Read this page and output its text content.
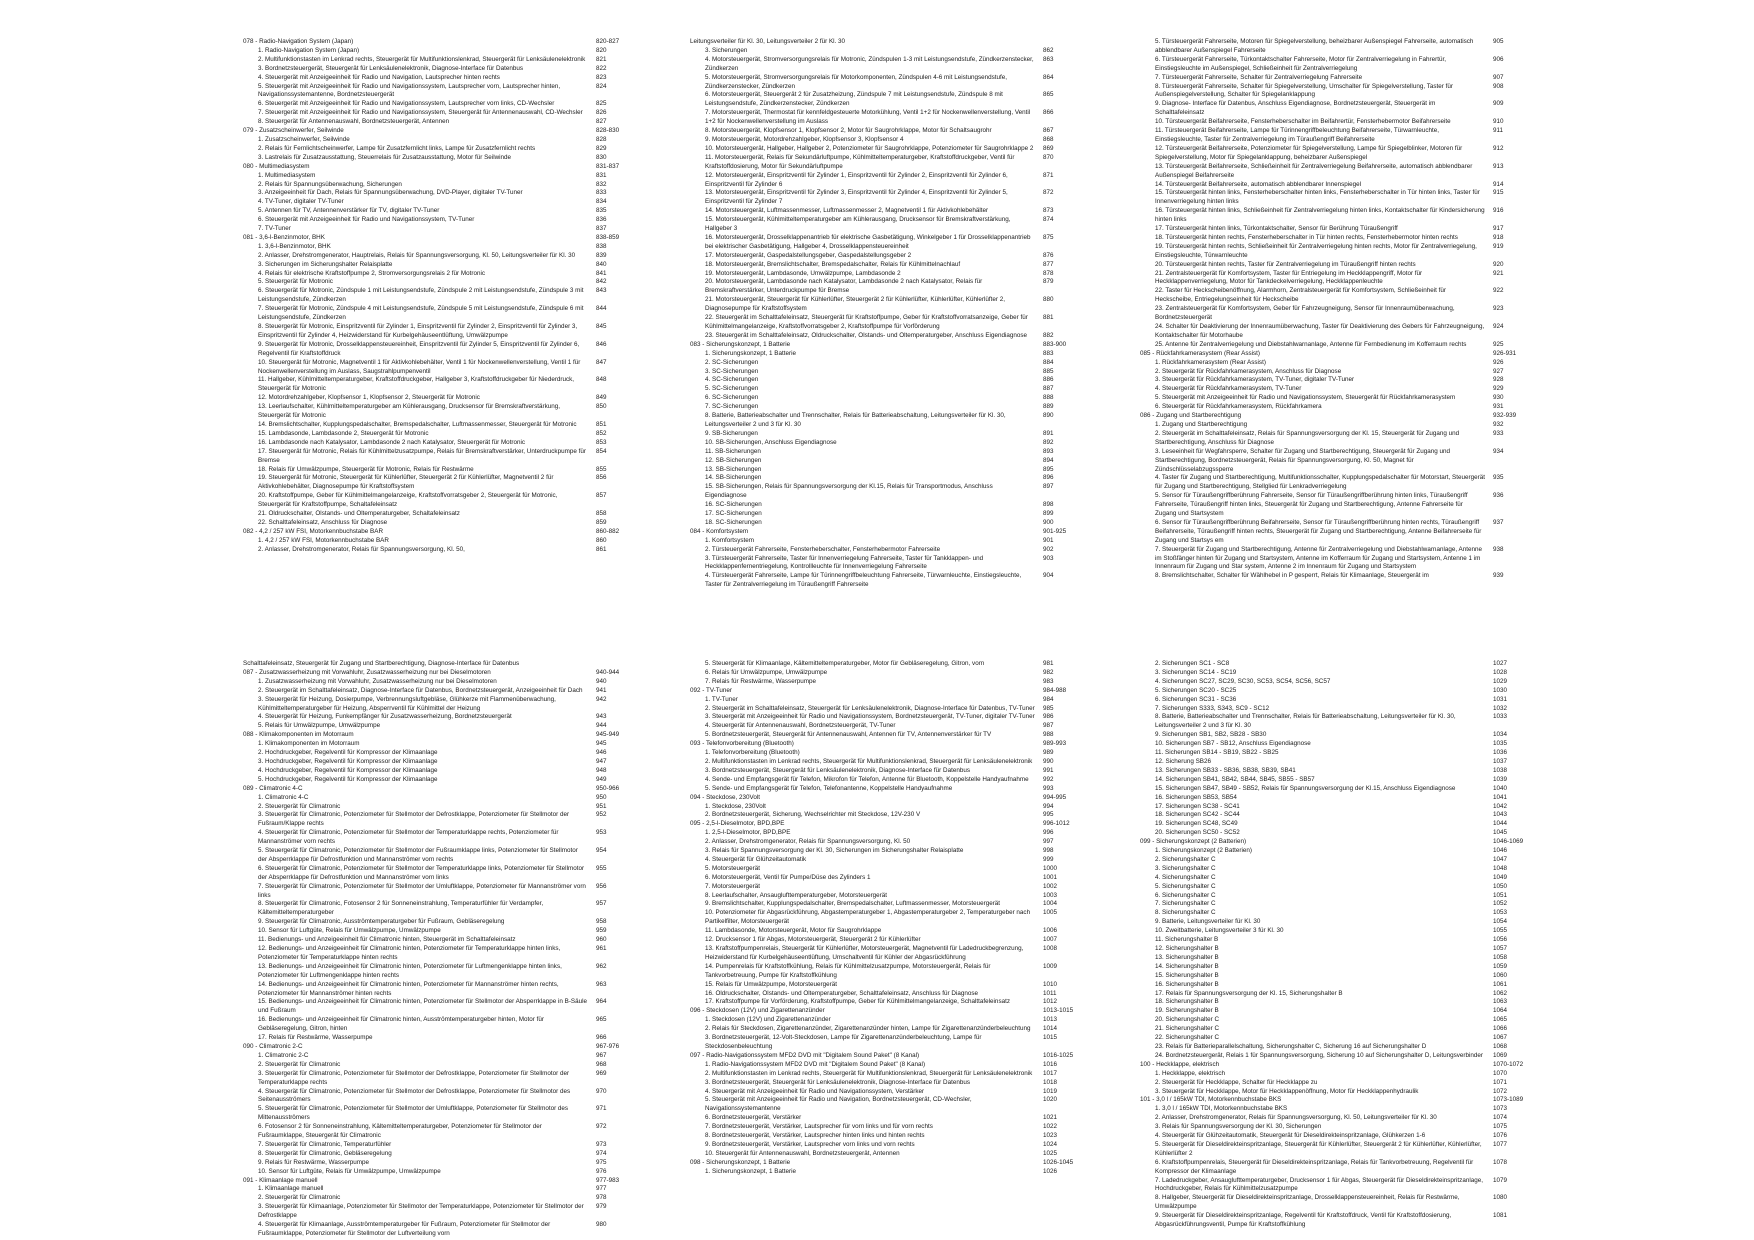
078 - Radio-Navigation System (Japan)	820-827
1. Radio-Navigation System (Japan)	820
2. Multifunktionstasten im Lenkrad rechts, Steuergerät für Multifunktionslenkrad, Steuergerät für Lenksäulenelektronik	821
3. Bordnetzsteuergerät, Steuergerät für Lenksäulenelektronik, Diagnose-Interface für Datenbus	822
4. Steuergerät mit Anzeigeeinheit für Radio und Navigation, Lautsprecher hinten rechts	823
5. Steuergerät mit Anzeigeeinheit für Radio und Navigationssystem, Lautsprecher vorn, Lautsprecher hinten, Navigationssystemantenne, Bordnetzsteuergerät
824
6. Steuergerät mit Anzeigeeinheit für Radio und Navigationssystem, Lautsprecher vorn links, CD-Wechsler	825
7. Steuergerät mit Anzeigeeinheit für Radio und Navigationssystem, Steuergerät für Antennenauswahl, CD-Wechsler	826
8. Steuergerät für Antennenauswahl, Bordnetzsteuergerät, Antennen	827
079 - Zusatzscheinwerfer, Seilwinde	828-830
1. Zusatzscheinwerfer, Seilwinde	828
2. Relais für Fernlichtscheinwerfer, Lampe für Zusatzfernlicht links, Lampe für Zusatzfernlicht rechts	829
3. Lastrelais für Zusatzausstattung, Steuerrelais für Zusatzausstattung, Motor für Seilwinde	830
080 - Multimediasystem	831-837
1. Multimediasystem	831
2. Relais für Spannungsüberwachung, Sicherungen	832
3. Anzeigeeinheit für Dach, Relais für Spannungsüberwachung, DVD-Player, digitaler TV-Tuner	833
4. TV-Tuner, digitaler TV-Tuner	834
5. Antennen für TV, Antennenverstärker für TV, digitaler TV-Tuner	835
6. Steuergerät mit Anzeigeeinheit für Radio und Navigationssystem, TV-Tuner	836
7. TV-Tuner	837
081 - 3,6-l-Benzinmotor, BHK	838-859
1. 3,6-l-Benzinmotor, BHK	838
2. Anlasser, Drehstromgenerator, Hauptrelais, Relais für Spannungsversorgung, Kl. 50, Leitungsverteiler für Kl. 30	839
3. Sicherungen im Sicherungshalter Relaisplatte	840
4. Relais für elektrische Kraftstoffpumpe 2, Stromversorgungsrelais 2 für Motronic	841
5. Steuergerät für Motronic	842
6. Steuergerät für Motronic, Zündspule 1 mit Leistungsendstufe, Zündspule 2 mit Leistungsendstufe, Zündspule 3 mit Leistungsendstufe, Zündkerzen
843
7. Steuergerät für Motronic, Zündspule 4 mit Leistungsendstufe, Zündspule 5 mit Leistungsendstufe, Zündspule 6 mit Leistungsendstufe, Zündkerzen
844
8. Steuergerät für Motronic, Einspritzventil für Zylinder 1, Einspritzventil für Zylinder 2, Einspritzventil für Zylinder 3, Einspritzventil für Zylinder 4, Heizwiderstand für Kurbelgehäuseentlüftung, Umwälzpumpe
845
9. Steuergerät für Motronic, Drosselklappensteuereinheit, Einspritzventil für Zylinder 5, Einspritzventil für Zylinder 6, Regelventil für Kraftstoffdruck
846
10. Steuergerät für Motronic, Magnetventil 1 für Aktivkohlebehälter, Ventil 1 für Nockenwellenverstellung, Ventil 1 für Nockenwellenverstellung im Auslass, Saugstrahlpumpenventil
847
11. Hallgeber, Kühlmitteltemperaturgeber, Kraftstoffdruckgeber, Hallgeber 3, Kraftstoffdruckgeber für Niederdruck, Steuergerät für Motronic
848
12. Motordrehzahlgeber, Klopfsensor 1, Klopfsensor 2, Steuergerät für Motronic	849
13. Leerlaufschalter, Kühlmitteltemperaturgeber am Kühlerausgang, Drucksensor für Bremskraftverstärkung, Steuergerät für Motronic
850
14. Bremslichtschalter, Kupplungspedalschalter, Bremspedalschalter, Luftmassenmesser, Steuergerät für Motronic	851
15. Lambdasonde, Lambdasonde 2, Steuergerät für Motronic	852
16. Lambdasonde nach Katalysator, Lambdasonde 2 nach Katalysator, Steuergerät für Motronic	853
17. Steuergerät für Motronic, Relais für Kühlmittelzusatzpumpe, Relais für Bremskraftverstärker, Unterdruckpumpe für Bremse
854
18. Relais für Umwälzpumpe, Steuergerät für Motronic, Relais für Restwärme	855
19. Steuergerät für Motronic, Steuergerät für Kühlerlüfter, Steuergerät 2 für Kühlerlüfter, Magnetventil 2 für Aktivkohlebehälter, Diagnosepumpe für Kraftstoffsystem
856
20. Kraftstoffpumpe, Geber für Kühlmittelmangelanzeige, Kraftstoffvorratsgeber 2, Steuergerät für Motronic, Steuergerät für Kraftstoffpumpe, Schaltafeleinsatz
857
21. Öldruckschalter, Ölstands- und Öltemperaturgeber, Schaltafeleinsatz	858
22. Schalttafeleinsatz, Anschluss für Diagnose	859
082 - 4,2 / 257 kW FSI, Motorkennbuchstabe BAR	860-882
1. 4,2 / 257 kW FSI, Motorkennbuchstabe BAR	860
2. Anlasser, Drehstromgenerator, Relais für Spannungsversorgung, Kl. 50,	861
Leitungsverteiler für Kl. 30, Leitungsverteiler 2 für Kl. 30
3. Sicherungen	862
4. Motorsteuergerät, Stromversorgungsrelais für Motronic, Zündspulen 1-3 mit Leistungsendstufe, Zündkerzenstecker, Zündkerzen
863
5. Motorsteuergerät, Stromversorgungsrelais für Motorkomponenten, Zündspulen 4-6 mit Leistungsendstufe, Zündkerzenstecker, Zündkerzen
864
6. Motorsteuergerät, Steuergerät 2 für Zusatzheizung, Zündspule 7 mit Leistungsendstufe, Zündspule 8 mit Leistungsendstufe, Zündkerzenstecker, Zündkerzen
865
7. Motorsteuergerät, Thermostat für kennfeldgesteuerte Motorkühlung, Ventil 1+2 für Nockenwellenverstellung, Ventil 1+2 für Nockenwellenverstellung im Auslass
866
8. Motorsteuergerät, Klopfsensor 1, Klopfsensor 2, Motor für Saugrohrklappe, Motor für Schaltsaugrohr	867
9. Motorsteuergerät, Motordrehzahlgeber, Klopfsensor 3, Klopfsensor 4	868
10. Motorsteuergerät, Hallgeber, Hallgeber 2, Potenziometer für Saugrohrklappe, Potenziometer für Saugrohrklappe 2	869
11. Motorsteuergerät, Relais für Sekundärluftpumpe, Kühlmitteltemperaturgeber, Kraftstoffdruckgeber, Ventil für Kraftstoffdosierung, Motor für Sekundärluftpumpe
870
12. Motorsteuergerät, Einspritzventil für Zylinder 1, Einspritzventil für Zylinder 2, Einspritzventil für Zylinder 6, Einspritzventil für Zylinder 6
871
13. Motorsteuergerät, Einspritzventil für Zylinder 3, Einspritzventil für Zylinder 4, Einspritzventil für Zylinder 5, Einspritzventil für Zylinder 7
872
14. Motorsteuergerät, Luftmassenmesser, Luftmassenmesser 2, Magnetventil 1 für Aktivkohlebehälter	873
15. Motorsteuergerät, Kühlmitteltemperaturgeber am Kühlerausgang, Drucksensor für Bremskraftverstärkung, Hallgeber 3
874
16. Motorsteuergerät, Drosselklappenantrieb für elektrische Gasbetätigung, Winkelgeber 1 für Drosselklappenantrieb bei elektrischer Gasbetätigung, Hallgeber 4, Drosselklappensteuereinheit
875
17. Motorsteuergerät, Gaspedalstellungsgeber, Gaspedalstellungsgeber 2	876
18. Motorsteuergerät, Bremslichtschalter, Bremspedalschalter, Relais für Kühlmittelnachlauf	877
19. Motorsteuergerät, Lambdasonde, Umwälzpumpe, Lambdasonde 2	878
20. Motorsteuergerät, Lambdasonde nach Katalysator, Lambdasonde 2 nach Katalysator, Relais für Bremskraftverstärker, Unterdruckpumpe für Bremse
879
21. Motorsteuergerät, Steuergerät für Kühlerlüfter, Steuergerät 2 für Kühlerlüfter, Kühlerlüfter, Kühlerlüfter 2, Diagnosepumpe für Kraftstoffsystem
880
22. Steuergerät im Schalttafeleinsatz, Steuergerät für Kraftstoffpumpe, Geber für Kraftstoffvorratsanzeige, Geber für Kühlmittelmangelanzeige, Kraftstoffvorratsgeber 2, Kraftstoffpumpe für Vorförderung
881
23. Steuergerät im Schalttafeleinsatz, Öldruckschalter, Ölstands- und Öltemperaturgeber, Anschluss Eigendiagnose	882
083 - Sicherungskonzept, 1 Batterie	883-900
1. Sicherungskonzept, 1 Batterie	883
2. SC-Sicherungen	884
3. SC-Sicherungen	885
4. SC-Sicherungen	886
5. SC-Sicherungen	887
6. SC-Sicherungen	888
7. SC-Sicherungen	889
8. Batterie, Batterieabschalter und Trennschalter, Relais für Batterieabschaltung, Leitungsverteiler für Kl. 30, Leitungsverteiler 2 und 3 für Kl. 30
890
9. SB-Sicherungen	891
10. SB-Sicherungen, Anschluss Eigendiagnose	892
11. SB-Sicherungen	893
12. SB-Sicherungen	894
13. SB-Sicherungen	895
14. SB-Sicherungen	896
15. SB-Sicherungen, Relais für Spannungsversorgung der Kl.15, Relais für Transportmodus, Anschluss Eigendiagnose
897
16. SC-Sicherungen	898
17. SC-Sicherungen	899
18. SC-Sicherungen	900
084 - Komfortsystem	901-925
1. Komfortsystem	901
2. Türsteuergerät Fahrerseite, Fensterheberschalter, Fensterhebermotor Fahrerseite	902
3. Türsteuergerät Fahrerseite, Taster für Innenverriegelung Fahrerseite, Taster für Tankklappen- und Heckklappenfernentriegelung, Kontrollleuchte für Innenverriegelung Fahrerseite
903
4. Türsteuergerät Fahrerseite, Lampe für Türinnengriffbeleuchtung Fahrerseite, Türwarnleuchte, Einstiegsleuchte, Taster für Zentralverriegelung im Türaußengriff Fahrerseite
904
5. Türsteuergerät Fahrerseite, Motoren für Spiegelverstellung, beheizbarer Außenspiegel Fahrerseite, automatisch abblendbarer Außenspiegel Fahrerseite
905
6. Türsteuergerät Fahrerseite, Türkontaktschalter Fahrerseite, Motor für Zentralverriegelung in Fahrertür, Einstiegsleuchte im Außenspiegel, Schließeinheit für Zentralverriegelung
906
7. Türsteuergerät Fahrerseite, Schalter für Zentralverriegelung Fahrerseite	907
8. Türsteuergerät Fahrerseite, Schalter für Spiegelverstellung, Umschalter für Spiegelverstellung, Taster für Außenspiegelverstellung, Schalter für Spiegelanklappung
908
9. Diagnose- Interface für Datenbus, Anschluss Eigendiagnose, Bordnetzsteuergerät, Steuergerät im Schalttafeleinsatz
909
10. Türsteuergerät Beifahrerseite, Fensterheberschalter im Beifahrertür, Fensterhebermotor Beifahrerseite	910
11. Türsteuergerät Beifahrerseite, Lampe für Türinnengriffbeleuchtung Beifahrerseite, Türwarnleuchte, Einstiegsleuchte, Taster für Zentralverriegelung im Türaußengriff Beifahrerseite
911
12. Türsteuergerät Beifahrerseite, Potenziometer für Spiegelverstellung, Lampe für Spiegelblinker, Motoren für Spiegelverstellung, Motor für Spiegelanklappung, beheizbarer Außenspiegel
912
13. Türsteuergerät Beifahrerseite, Schließeinheit für Zentralverriegelung Beifahrerseite, automatisch abblendbarer Außenspiegel Beifahrerseite
913
14. Türsteuergerät Beifahrerseite, automatisch abblendbarer Innenspiegel	914
15. Türsteuergerät hinten links, Fensterheberschalter hinten links, Fensterheberschalter in Tür hinten links, Taster für Innenverriegelung hinten links
915
16. Türsteuergerät hinten links, Schließeinheit für Zentralverriegelung hinten links, Kontaktschalter für Kindersicherung hinten links
916
17. Türsteuergerät hinten links, Türkontaktschalter, Sensor für Berührung Türaußengriff	917
18. Türsteuergerät hinten rechts, Fensterheberschalter in Tür hinten rechts, Fensterhebermotor hinten rechts	918
19. Türsteuergerät hinten rechts, Schließeinheit für Zentralverriegelung hinten rechts, Motor für Zentralverriegelung, Einstiegsleuchte, Türwarnleuchte
919
20. Türsteuergerät hinten rechts, Taster für Zentralverriegelung im Türaußengriff hinten rechts	920
21. Zentralsteuergerät für Komfortsystem, Taster für Entriegelung im Heckklappengriff, Motor für Heckklappenverriegelung, Motor für Tankdeckelverriegelung, Heckklappenleuchte
921
22. Taster für Heckscheibenöffnung, Alarmhorn, Zentralsteuergerät für Komfortsystem, Schließeinheit für Heckscheibe, Entriegelungseinheit für Heckscheibe
922
23. Zentralsteuergerät für Komfortsystem, Geber für Fahrzeugneigung, Sensor für Innenraumüberwachung, Bordnetzsteuergerät
923
24. Schalter für Deaktivierung der Innenraumüberwachung, Taster für Deaktivierung des Gebers für Fahrzeugneigung, Kontaktschalter für Motorhaube
924
25. Antenne für Zentralverriegelung und Diebstahlwarnanlage, Antenne für Fernbedienung im Kofferraum rechts	925
085 - Rückfahrkamerasystem (Rear Assist)	926-931
1. Rückfahrkamerasystem (Rear Assist)	926
2. Steuergerät für Rückfahrkamerasystem, Anschluss für Diagnose	927
3. Steuergerät für Rückfahrkamerasystem, TV-Tuner, digitaler TV-Tuner	928
4. Steuergerät für Rückfahrkamerasystem, TV-Tuner	929
5. Steuergerät mit Anzeigeeinheit für Radio und Navigationssystem, Steuergerät für Rückfahrkamerasystem	930
6. Steuergerät für Rückfahrkamerasystem, Rückfahrkamera	931
086 - Zugang und Startberechtigung	932-939
1. Zugang und Startberechtigung	932
2. Steuergerät im Schalttafeleinsatz, Relais für Spannungsversorgung der Kl. 15, Steuergerät für Zugang und Startberechtigung, Anschluss für Diagnose
933
3. Leseeinheit für Wegfahrsperre, Schalter für Zugang und Startberechtigung, Steuergerät für Zugang und Startberechtigung, Bordnetzsteuergerät, Relais für Spannungsversorgung, Kl. 50, Magnet für Zündschlüsselabzugssperre
934
4. Taster für Zugang und Startberechtigung, Multifunktionsschalter, Kupplungspedalschalter für Motorstart, Steuergerät für Zugang und Startberechtigung, Stellglied für Lenkradverriegelung
935
5. Sensor für Türaußengriffberührung Fahrerseite, Sensor für Türaußengriffberührung hinten links, Türaußengriff Fahrerseite, Türaußengriff hinten links, Steuergerät für Zugang und Startberechtigung, Antenne Fahrerseite für Zugang und Startsystem
936
6. Sensor für Türaußengriffberührung Beifahrerseite, Sensor für Türaußengriffberührung hinten rechts, Türaußengriff Beifahrerseite, Türaußengriff hinten rechts, Steuergerät für Zugang und Startberechtigung, Antenne Beifahrerseite für Zugang und Startsys em
937
7. Steuergerät für Zugang und Startberechtigung, Antenne für Zentralverriegelung und Diebstahlwarnanlage, Antenne im Stoßfänger hinten für Zugang und Startsystem, Antenne im Kofferraum für Zugang und Startsystem, Antenne 1 im Innenraum für Zugang und Star system, Antenne 2 im Innenraum für Zugang und Startsystem
938
8. Bremslichtschalter, Schalter für Wählhebel in P gesperrt, Relais für Klimaanlage, Steuergerät im	939
Schalttafeleinsatz, Steuergerät für Zugang und Startberechtigung, Diagnose-Interface für Datenbus
087 - Zusatzwasserheizung mit Vorwahluhr, Zusatzwasserheizung nur bei Dieselmotoren	940-944
1. Zusatzwasserheizung mit Vorwahluhr, Zusatzwasserheizung nur bei Dieselmotoren	940
2. Steuergerät im Schalttafeleinsatz, Diagnose-Interface für Datenbus, Bordnetzsteuergerät, Anzeigeeinheit für Dach	941
3. Steuergerät für Heizung, Dosierpumpe, Verbrennungsluftgebläse, Glühkerze mit Flammenüberwachung, Kühlmitteltemperaturgeber für Heizung, Absperrventil für Kühlmittel der Heizung
942
4. Steuergerät für Heizung, Funkempfänger für Zusatzwasserheizung, Bordnetzsteuergerät	943
5. Relais für Umwälzpumpe, Umwälzpumpe	944
088 - Klimakomponenten im Motorraum	945-949
1. Klimakomponenten im Motorraum	945
2. Hochdruckgeber, Regelventil für Kompressor der Klimaanlage	946
3. Hochdruckgeber, Regelventil für Kompressor der Klimaanlage	947
4. Hochdruckgeber, Regelventil für Kompressor der Klimaanlage	948
5. Hochdruckgeber, Regelventil für Kompressor der Klimaanlage	949
089 - Climatronic 4-C	950-966
1. Climatronic 4-C	950
2. Steuergerät für Climatronic	951
3. Steuergerät für Climatronic, Potenziometer für Stellmotor der Defrostklappe, Potenziometer für Stellmotor der Fußraum/Klappe rechts
952
4. Steuergerät für Climatronic, Potenziometer für Stellmotor der Temperaturklappe rechts, Potenziometer für Mannanströmer vorn rechts
953
5. Steuergerät für Climatronic, Potenziometer für Stellmotor der Fußraumklappe links, Potenziometer für Stellmotor der Absperrklappe für Defrostfunktion und Mannanströmer vorn rechts
954
6. Steuergerät für Climatronic, Potenziometer für Stellmotor der Temperaturklappe links, Potenziometer für Stellmotor der Absperrklappe für Defrostfunktion und Mannanströmer vorn links
955
7. Steuergerät für Climatronic, Potenziometer für Stellmotor der Umluftklappe, Potenziometer für Mannanströmer vorn links
956
8. Steuergerät für Climatronic, Fotosensor 2 für Sonneneinstrahlung, Temperaturfühler für Verdampfer, Kältemitteltemperaturgeber
957
9. Steuergerät für Climatronic, Ausströmtemperaturgeber für Fußraum, Gebläseregelung	958
10. Sensor für Luftgüte, Relais für Umwälzpumpe, Umwälzpumpe	959
11. Bedienungs- und Anzeigeeinheit für Climatronic hinten, Steuergerät im Schalttafeleinsatz	960
12. Bedienungs- und Anzeigeeinheit für Climatronic hinten, Potenziometer für Temperaturklappe hinten links, Potenziometer für Temperaturklappe hinten rechts
961
13. Bedienungs- und Anzeigeeinheit für Climatronic hinten, Potenziometer für Luftmengenklappe hinten links, Potenziometer für Luftmengenklappe hinten rechts
962
14. Bedienungs- und Anzeigeeinheit für Climatronic hinten, Potenziometer für Mannanströmer hinten rechts, Potenziometer für Mannanströmer hinten rechts
963
15. Bedienungs- und Anzeigeeinheit für Climatronic hinten, Potenziometer für Stellmotor der Absperrklappe in B-Säule und Fußraum
964
16. Bedienungs- und Anzeigeeinheit für Climatronic hinten, Ausströmtemperaturgeber hinten, Motor für Gebläseregelung, Gitron, hinten
965
17. Relais für Restwärme, Wasserpumpe	966
090 - Climatronic 2-C	967-976
1. Climatronic 2-C	967
2. Steuergerät für Climatronic	968
3. Steuergerät für Climatronic, Potenziometer für Stellmotor der Defrostklappe, Potenziometer für Stellmotor der Temperaturklappe rechts
969
4. Steuergerät für Climatronic, Potenziometer für Stellmotor der Defrostklappe, Potenziometer für Stellmotor des Seitenausströmers
970
5. Steuergerät für Climatronic, Potenziometer für Stellmotor der Umluftklappe, Potenziometer für Stellmotor des Mittenausströmers
971
6. Fotosensor 2 für Sonneneinstrahlung, Kältemitteltemperaturgeber, Potenziometer für Stellmotor der Fußraumklappe, Steuergerät für Climatronic
972
7. Steuergerät für Climatronic, Temperaturfühler	973
8. Steuergerät für Climatronic, Gebläseregelung	974
9. Relais für Restwärme, Wasserpumpe	975
10. Sensor für Luftgüte, Relais für Umwälzpumpe, Umwälzpumpe	976
091 - Klimaanlage manuell	977-983
1. Klimaanlage manuell	977
2. Steuergerät für Climatronic	978
3. Steuergerät für Klimaanlage, Potenziometer für Stellmotor der Temperaturklappe, Potenziometer für Stellmotor der Defrostklappe
979
4. Steuergerät für Klimaanlage, Ausströmtemperaturgeber für Fußraum, Potenziometer für Stellmotor der Fußraumklappe, Potenziometer für Stellmotor der Luftverteilung vorn
980
5. Steuergerät für Klimaanlage, Kältemitteltemperaturgeber, Motor für Gebläseregelung, Gitron, vorn	981
6. Relais für Umwälzpumpe, Umwälzpumpe	982
7. Relais für Restwärme, Wasserpumpe	983
092 - TV-Tuner	984-988
1. TV-Tuner	984
2. Steuergerät im Schalttafeleinsatz, Steuergerät für Lenksäulenelektronik, Diagnose-Interface für Datenbus, TV-Tuner	985
3. Steuergerät mit Anzeigeeinheit für Radio und Navigationssystem, Bordnetzsteuergerät, TV-Tuner, digitaler TV-Tuner	986
4. Steuergerät für Antennenauswahl, Bordnetzsteuergerät, TV-Tuner	987
5. Bordnetzsteuergerät, Steuergerät für Antennenauswahl, Antennen für TV, Antennenverstärker für TV	988
093 - Telefonvorbereitung (Bluetooth)	989-993
1. Telefonvorbereitung (Bluetooth)	989
2. Multifunktionstasten im Lenkrad rechts, Steuergerät für Multifunktionslenkrad, Steuergerät für Lenksäulenelektronik	990
3. Bordnetzsteuergerät, Steuergerät für Lenksäulenelektronik, Diagnose-Interface für Datenbus	991
4. Sende- und Empfangsgerät für Telefon, Mikrofon für Telefon, Antenne für Bluetooth, Koppelstelle Handyaufnahme	992
5. Sende- und Empfangsgerät für Telefon, Telefonantenne, Koppelstelle Handyaufnahme	993
094 - Steckdose, 230Volt	994-995
1. Steckdose, 230Volt	994
2. Bordnetzsteuergerät, Sicherung, Wechselrichter mit Steckdose, 12V-230 V	995
095 - 2,5-l-Dieselmotor, BPD,BPE	996-1012
1. 2,5-l-Dieselmotor, BPD,BPE	996
2. Anlasser, Drehstromgenerator, Relais für Spannungsversorgung, Kl. 50	997
3. Relais für Spannungsversorgung der Kl. 30, Sicherungen im Sicherungshalter Relaisplatte	998
4. Steuergerät für Glühzeitautomatik	999
5. Motorsteuergerät	1000
6. Motorsteuergerät, Ventil für Pumpe/Düse des Zylinders 1	1001
7. Motorsteuergerät	1002
8. Leerlaufschalter, Ansauglufttemperaturgeber, Motorsteuergerät	1003
9. Bremslichtschalter, Kupplungspedalschalter, Bremspedalschalter, Luftmassenmesser, Motorsteuergerät	1004
10. Potenziometer für Abgasrückführung, Abgastemperaturgeber 1, Abgastemperaturgeber 2, Temperaturgeber nach Partikelfilter, Motorsteuergerät
1005
11. Lambdasonde, Motorsteuergerät, Motor für Saugrohrklappe	1006
12. Drucksensor 1 für Abgas, Motorsteuergerät, Steuergerät 2 für Kühlerlüfter	1007
13. Kraftstoffpumpenrelais, Steuergerät für Kühlerlüfter, Motorsteuergerät, Magnetventil für Ladedruckbegrenzung, Heizwiderstand für Kurbelgehäuseentlüftung, Umschaltventil für Kühler der Abgasrückführung
1008
14. Pumpenrelais für Kraftstoffkühlung, Relais für Kühlmittelzusatzpumpe, Motorsteuergerät, Relais für Tankvorbetreuung, Pumpe für Kraftstoffkühlung
1009
15. Relais für Umwälzpumpe, Motorsteuergerät	1010
16. Öldruckschalter, Ölstands- und Öltemperaturgeber, Schalttafeleinsatz, Anschluss für Diagnose	1011
17. Kraftstoffpumpe für Vorförderung, Kraftstoffpumpe, Geber für Kühlmittelmangelanzeige, Schalttafeleinsatz	1012
096 - Steckdosen (12V) und Zigarettenanzünder	1013-1015
1. Steckdosen (12V) und Zigarettenanzünder	1013
2. Relais für Steckdosen, Zigarettenanzünder, Zigarettenanzünder hinten, Lampe für Zigarettenanzünderbeleuchtung	1014
3. Bordnetzsteuergerät, 12-Volt-Steckdosen, Lampe für Zigarettenanzünderbeleuchtung, Lampe für Steckdosenbeleuchtung
1015
097 - Radio-Navigationssystem MFD2 DVD mit "Digitalem Sound Paket" (8 Kanal)	1016-1025
1. Radio-Navigationssystem MFD2 DVD mit "Digitalem Sound Paket" (8 Kanal)	1016
2. Multifunktionstasten im Lenkrad rechts, Steuergerät für Multifunktionslenkrad, Steuergerät für Lenksäulenelektronik	1017
3. Bordnetzsteuergerät, Steuergerät für Lenksäulenelektronik, Diagnose-Interface für Datenbus	1018
4. Steuergerät mit Anzeigeeinheit für Radio und Navigationssystem, Verstärker	1019
5. Steuergerät mit Anzeigeeinheit für Radio und Navigation, Bordnetzsteuergerät, CD-Wechsler, Navigationssystemantenne
1020
6. Bordnetzsteuergerät, Verstärker	1021
7. Bordnetzsteuergerät, Verstärker, Lautsprecher für vorn links und für vorn rechts	1022
8. Bordnetzsteuergerät, Verstärker, Lautsprecher hinten links und hinten rechts	1023
9. Bordnetzsteuergerät, Verstärker, Lautsprecher vorn links und vorn rechts	1024
10. Steuergerät für Antennenauswahl, Bordnetzsteuergerät, Antennen	1025
098 - Sicherungskonzept, 1 Batterie	1026-1045
1. Sicherungskonzept, 1 Batterie	1026
2. Sicherungen SC1 - SC8	1027
3. Sicherungen SC14 - SC19	1028
4. Sicherungen SC27, SC29, SC30, SC53, SC54, SC56, SC57	1029
5. Sicherungen SC20 - SC25	1030
6. Sicherungen SC31 - SC36	1031
7. Sicherungen S333, S343, SC9 - SC12	1032
8. Batterie, Batterieabschalter und Trennschalter, Relais für Batterieabschaltung, Leitungsverteiler für Kl. 30, Leitungsverteiler 2 und 3 für Kl. 30
1033
9. Sicherungen SB1, SB2, SB28 - SB30	1034
10. Sicherungen SB7 - SB12, Anschluss Eigendiagnose	1035
11. Sicherungen SB14 - SB19, SB22 - SB25	1036
12. Sicherung SB26	1037
13. Sicherungen SB33 - SB36, SB38, SB39, SB41	1038
14. Sicherungen SB41, SB42, SB44, SB45, SB55 - SB57	1039
15. Sicherungen SB47, SB49 - SB52, Relais für Spannungsversorgung der Kl.15, Anschluss Eigendiagnose	1040
16. Sicherungen SB53, SB54	1041
17. Sicherungen SC38 - SC41	1042
18. Sicherungen SC42 - SC44	1043
19. Sicherungen SC48, SC49	1044
20. Sicherungen SC50 - SC52	1045
099 - Sicherungskonzept (2 Batterien)	1046-1069
1. Sicherungskonzept (2 Batterien)	1046
2. Sicherungshalter C	1047
3. Sicherungshalter C	1048
4. Sicherungshalter C	1049
5. Sicherungshalter C	1050
6. Sicherungshalter C	1051
7. Sicherungshalter C	1052
8. Sicherungshalter C	1053
9. Batterie, Leitungsverteiler für Kl. 30	1054
10. Zweitbatterie, Leitungsverteiler 3 für Kl. 30	1055
11. Sicherungshalter B	1056
12. Sicherungshalter B	1057
13. Sicherungshalter B	1058
14. Sicherungshalter B	1059
15. Sicherungshalter B	1060
16. Sicherungshalter B	1061
17. Relais für Spannungsversorgung der Kl. 15, Sicherungshalter B	1062
18. Sicherungshalter B	1063
19. Sicherungshalter B	1064
20. Sicherungshalter C	1065
21. Sicherungshalter C	1066
22. Sicherungshalter C	1067
23. Relais für Batterieparallelschaltung, Sicherungshalter C, Sicherung 16 auf Sicherungshalter D	1068
24. Bordnetzsteuergerät, Relais 1 für Spannungsversorgung, Sicherung 10 auf Sicherungshalter D, Leitungsverbinder	1069
100 - Heckklappe, elektrisch	1070-1072
1. Heckklappe, elektrisch	1070
2. Steuergerät für Heckklappe, Schalter für Heckklappe zu	1071
3. Steuergerät für Heckklappe, Motor für Heckklappenöffnung, Motor für Heckklappenhydraulik	1072
101 - 3,0 l / 165kW TDI, Motorkennbuchstabe BKS	1073-1089
1. 3,0 l / 165kW TDI, Motorkennbuchstabe BKS	1073
2. Anlasser, Drehstromgenerator, Relais für Spannungsversorgung, Kl. 50, Leitungsverteiler für Kl. 30	1074
3. Relais für Spannungsversorgung der Kl. 30, Sicherungen	1075
4. Steuergerät für Glühzeitautomatik, Steuergerät für Dieseldirekteinspritzanlage, Glühkerzen 1-6	1076
5. Steuergerät für Dieseldirekteinspritzanlage, Steuergerät für Kühlerlüfter, Steuergerät 2 für Kühlerlüfter, Kühlerlüfter, Kühlerlüfter 2
1077
6. Kraftstoffpumpenrelais, Steuergerät für Dieseldirekteinspritzanlage, Relais für Tankvorbetreuung, Regelventil für Kompressor der Klimaanlage
1078
7. Ladedruckgeber, Ansauglufttemperaturgeber, Drucksensor 1 für Abgas, Steuergerät für Dieseldirekteinspritzanlage, Hochdruckgeber, Relais für Kühlmittelzusatzpumpe
1079
8. Hallgeber, Steuergerät für Dieseldirekteinspritzanlage, Drosselklappensteuereinheit, Relais für Restwärme, Umwälzpumpe
1080
9. Steuergerät für Dieseldirekteinspritzanlage, Regelventil für Kraftstoffdruck, Ventil für Kraftstoffdosierung, Abgasrückführungsventil, Pumpe für Kraftstoffkühlung
1081
